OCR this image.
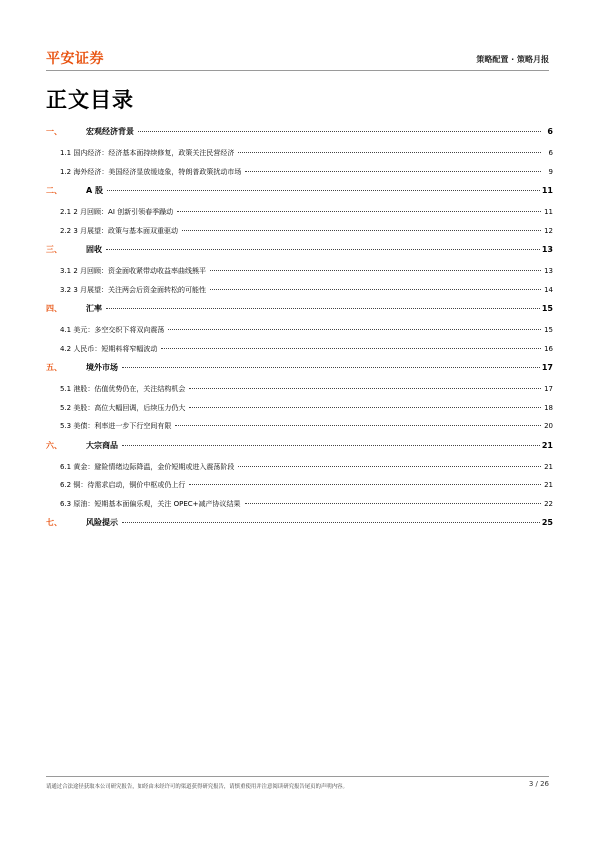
平安证券	策略配置 · 策略月报
正文目录
一、	宏观经济背景	6
1.1 国内经济：经济基本面持续修复，政策关注民营经济	6
1.2 海外经济：美国经济显放缓迹象，特朗普政策扰动市场	9
二、	A 股	11
2.1 2 月回顾：AI 创新引领春季躁动	11
2.2 3 月展望：政策与基本面双重驱动	12
三、	固收	13
3.1 2 月回顾：资金面收紧带动收益率曲线熊平	13
3.2 3 月展望：关注两会后资金面转松的可能性	14
四、	汇率	15
4.1 美元：多空交织下将双向震荡	15
4.2 人民币：短期料将窄幅波动	16
五、	境外市场	17
5.1 港股：估值优势仍在，关注结构机会	17
5.2 美股：高位大幅回调，后续压力仍大	18
5.3 美债：利率进一步下行空间有限	20
六、	大宗商品	21
6.1 黄金：避险情绪边际降温，金价短期或进入震荡阶段	21
6.2 铜：待需求启动，铜价中枢或仍上行	21
6.3 原油：短期基本面偏乐观，关注 OPEC+减产协议结果	22
七、	风险提示	25
请通过合法途径获取本公司研究报告，如经由未经许可的渠道获得研究报告，请慎重使用并注意阅读研究报告尾页的声明内容。	3 / 26
